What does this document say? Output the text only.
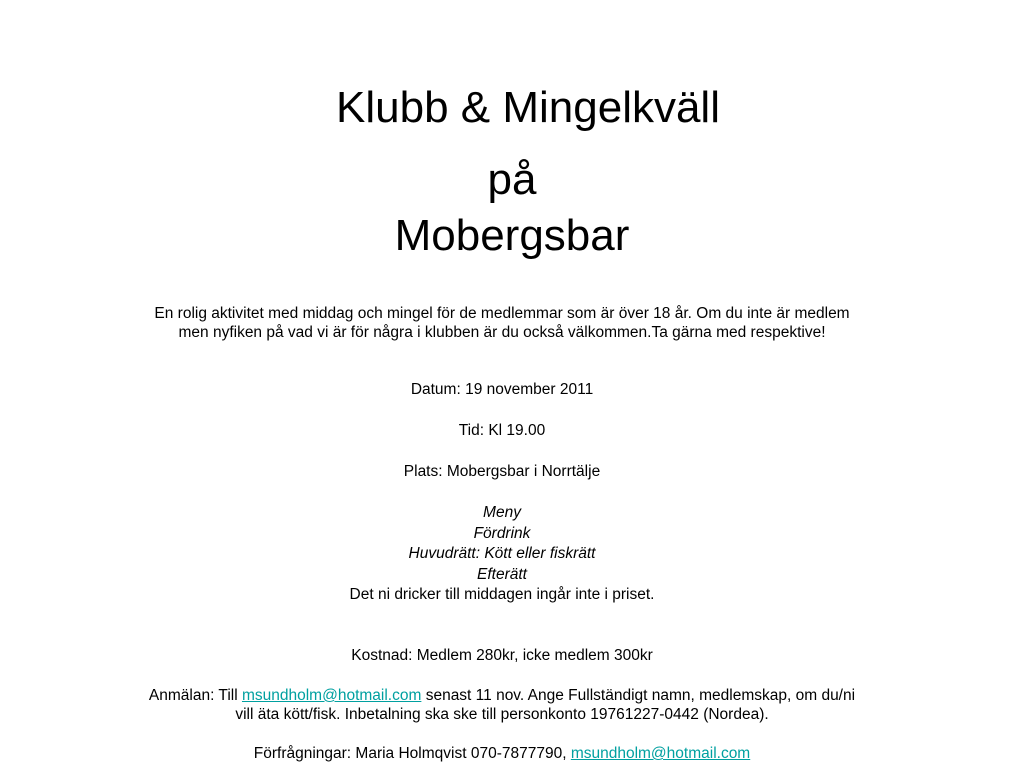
Klubb & Mingelkväll
på
Mobergsbar

En rolig aktivitet med middag och mingel för de medlemmar som är över 18 år. Om du inte är medlem men nyfiken på vad vi är för några i klubben är du också välkommen.Ta gärna med respektive!

Datum: 19 november 2011

Tid: Kl 19.00

Plats: Mobergsbar i Norrtälje

Meny
Fördrink
Huvudrätt: Kött eller fiskrätt
Efterätt
Det ni dricker till middagen ingår inte i priset.

Kostnad: Medlem 280kr, icke medlem 300kr

Anmälan: Till msundholm@hotmail.com senast 11 nov. Ange Fullständigt namn, medlemskap, om du/ni vill äta kött/fisk. Inbetalning ska ske till personkonto 19761227-0442 (Nordea).

Förfrågningar: Maria Holmqvist 070-7877790, msundholm@hotmail.com
